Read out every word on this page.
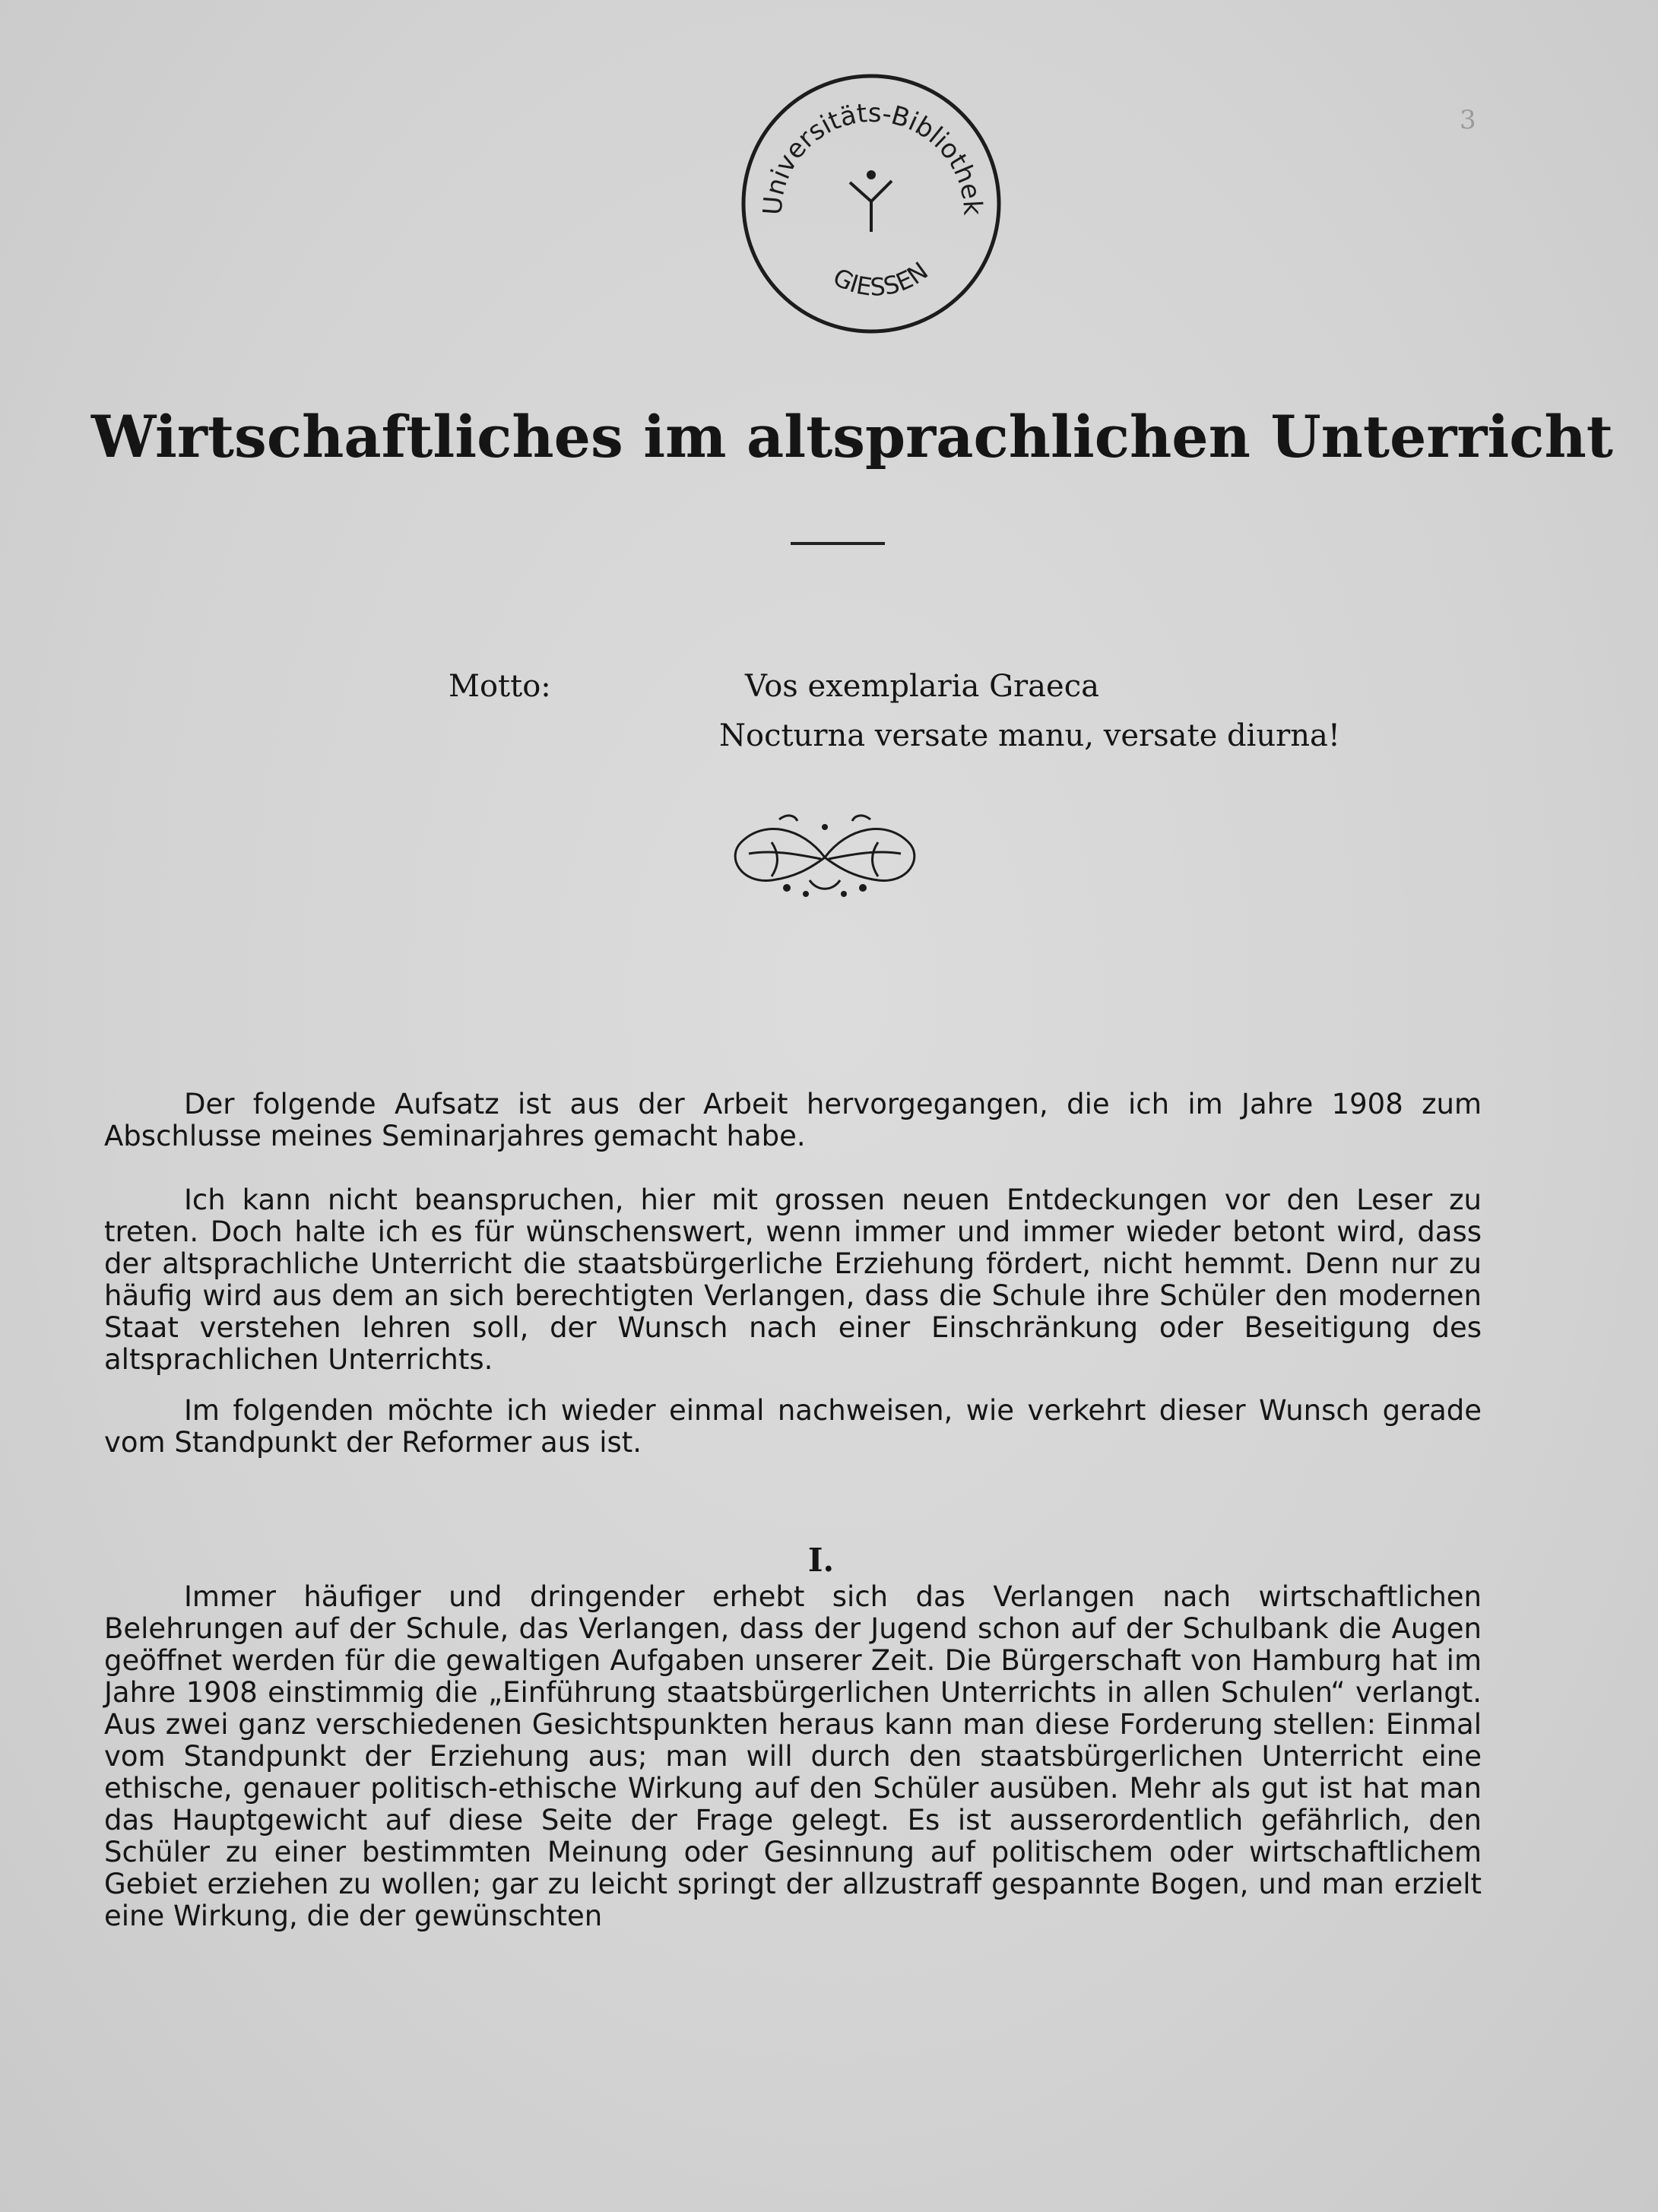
3
Universitäts-Bibliothek
GIESSEN
Wirtschaftliches im altsprachlichen Unterricht
Motto:	Vos exemplaria Graeca
Nocturna versate manu, versate diurna!

Der folgende Aufsatz ist aus der Arbeit hervorgegangen, die ich im Jahre 1908 zum Abschlusse meines Seminarjahres gemacht habe.

Ich kann nicht beanspruchen, hier mit grossen neuen Entdeckungen vor den Leser zu treten. Doch halte ich es für wünschenswert, wenn immer und immer wieder betont wird, dass der altsprachliche Unterricht die staatsbürgerliche Erziehung fördert, nicht hemmt. Denn nur zu häufig wird aus dem an sich berechtigten Verlangen, dass die Schule ihre Schüler den modernen Staat verstehen lehren soll, der Wunsch nach einer Einschränkung oder Beseitigung des altsprachlichen Unterrichts.

Im folgenden möchte ich wieder einmal nachweisen, wie verkehrt dieser Wunsch gerade vom Standpunkt der Reformer aus ist.

I.

Immer häufiger und dringender erhebt sich das Verlangen nach wirtschaftlichen Belehrungen auf der Schule, das Verlangen, dass der Jugend schon auf der Schulbank die Augen geöffnet werden für die gewaltigen Aufgaben unserer Zeit. Die Bürgerschaft von Hamburg hat im Jahre 1908 einstimmig die „Einführung staatsbürgerlichen Unterrichts in allen Schulen“ verlangt. Aus zwei ganz verschiedenen Gesichtspunkten heraus kann man diese Forderung stellen: Einmal vom Standpunkt der Erziehung aus; man will durch den staatsbürgerlichen Unterricht eine ethische, genauer politisch-ethische Wirkung auf den Schüler ausüben. Mehr als gut ist hat man das Hauptgewicht auf diese Seite der Frage gelegt. Es ist ausserordentlich gefährlich, den Schüler zu einer bestimmten Meinung oder Gesinnung auf politischem oder wirtschaftlichem Gebiet erziehen zu wollen; gar zu leicht springt der allzustraff gespannte Bogen, und man erzielt eine Wirkung, die der gewünschten
